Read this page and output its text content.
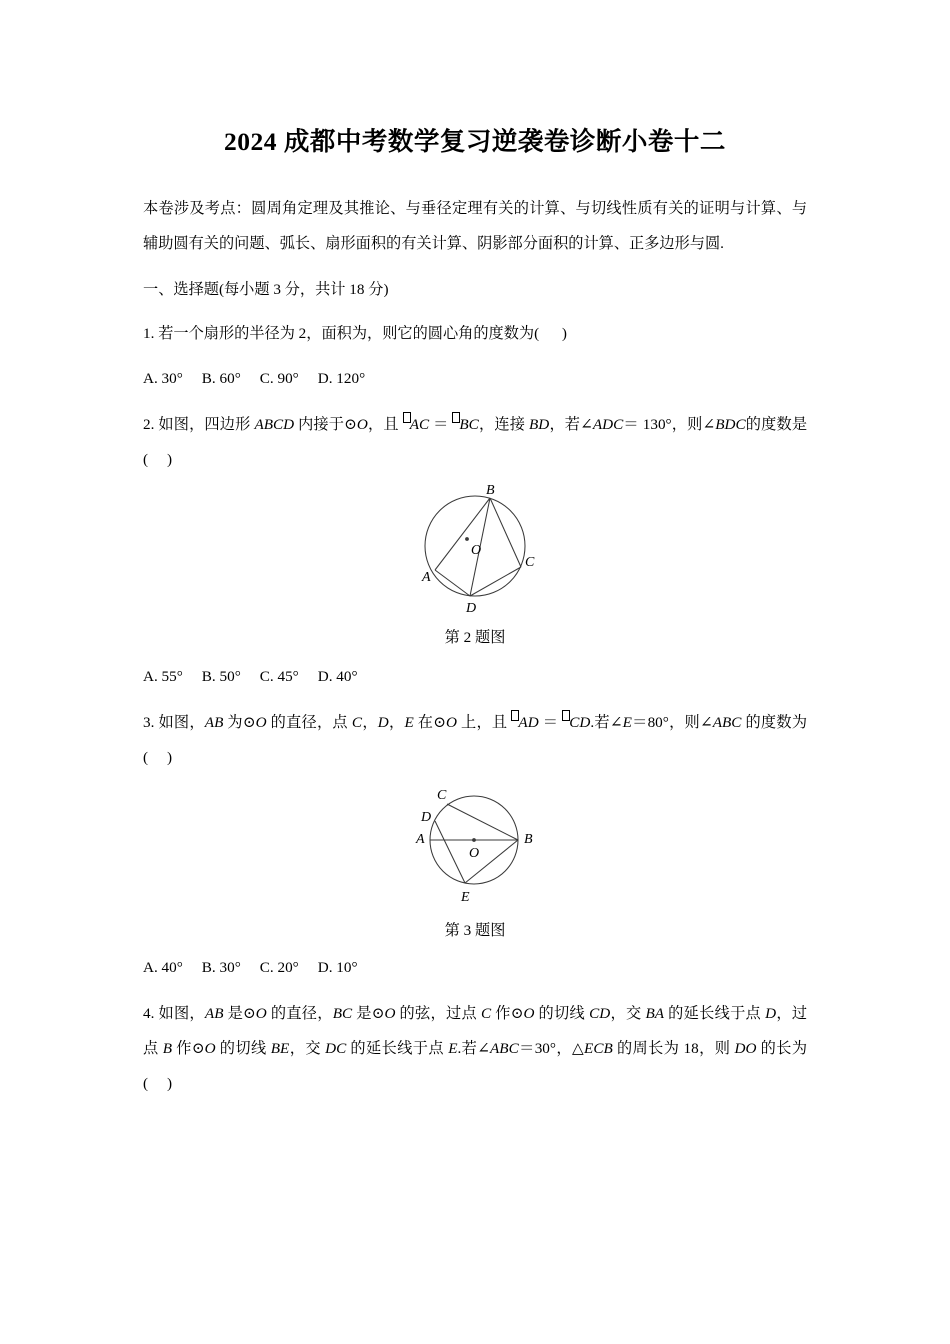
2024 成都中考数学复习逆袭卷诊断小卷十二

本卷涉及考点：圆周角定理及其推论、与垂径定理有关的计算、与切线性质有关的证明与计算、与辅助圆有关的问题、弧长、扇形面积的有关计算、阴影部分面积的计算、正多边形与圆.

一、选择题(每小题 3 分，共计 18 分)

1. 若一个扇形的半径为 2，面积为，则它的圆心角的度数为( )

A. 30°　 B. 60°　 C. 90°　 D. 120°

2. 如图，四边形 ABCD 内接于⊙O，且 AC ＝ BC，连接 BD，若∠ADC＝ 130°，则∠BDC的度数是( )

B
A
C
D
O

第 2 题图

A. 55°　 B. 50°　 C. 45°　 D. 40°

3. 如图，AB 为⊙O 的直径，点 C，D，E 在⊙O 上，且 AD ＝ CD.若∠E＝80°，则∠ABC 的度数为( )

C
D
A	B
E
O

第 3 题图

A. 40°　 B. 30°　 C. 20°　 D. 10°

4. 如图，AB 是⊙O 的直径，BC 是⊙O 的弦，过点 C 作⊙O 的切线 CD，交 BA 的延长线于点 D，过点 B 作⊙O 的切线 BE，交 DC 的延长线于点 E.若∠ABC＝30°，△ECB 的周长为 18，则 DO 的长为( )
